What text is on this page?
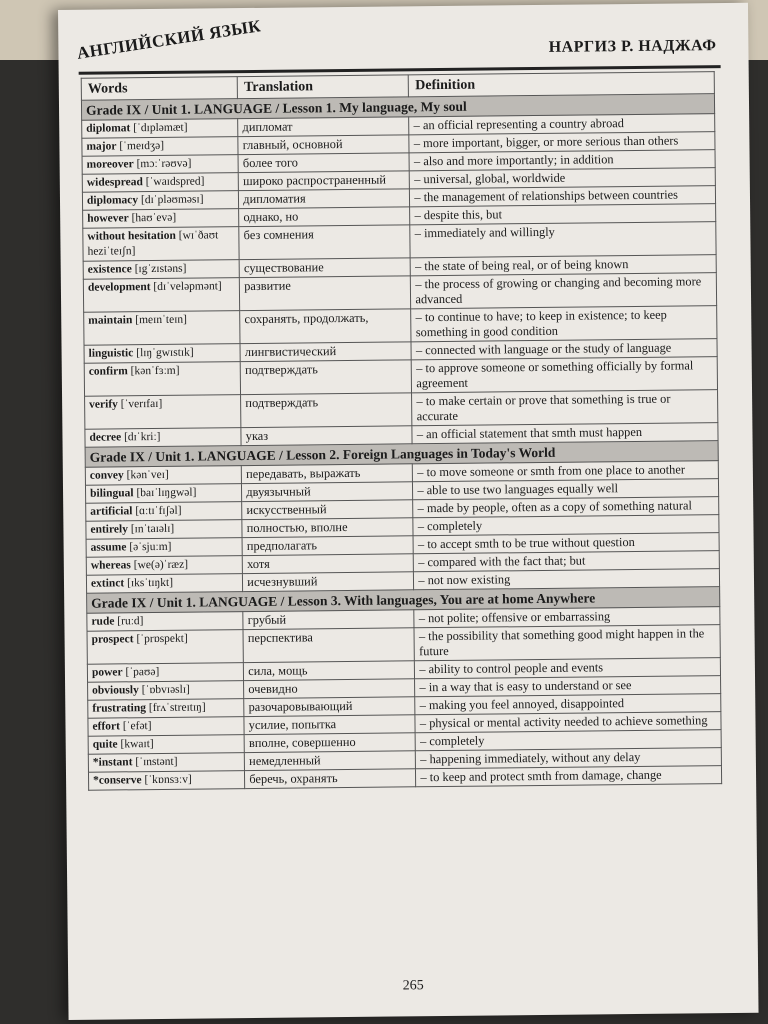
АНГЛИЙСКИЙ ЯЗЫК	НАРГИЗ Р. НАДЖАФ
Words	Translation	Definition
Grade IX / Unit 1. LANGUAGE / Lesson 1. My language, My soul		
diplomat [ˈdɪpləmæt]	дипломат	– an official representing a country abroad
major [ˈmeɪdʒə]	главный, основной	– more important, bigger, or more serious than others
moreover [mɔːˈrəʊvə]	более того	– also and more importantly; in addition
widespread [ˈwaɪdspred]	широко распространенный	– universal, global, worldwide
diplomacy [dɪˈpləʊməsɪ]	дипломатия	– the management of relationships between countries
however [haʊˈevə]	однако, но	– despite this, but
without hesitation [wɪˈðaʊt heziˈteɪʃn]	без сомнения	– immediately and willingly
existence [ɪgˈzɪstəns]	существование	– the state of being real, or of being known
development [dɪˈveləpmənt]	развитие	– the process of growing or changing and becoming more advanced
maintain [meɪnˈteɪn]	сохранять, продолжать,	– to continue to have; to keep in existence; to keep something in good condition
linguistic [lɪŋˈgwɪstɪk]	лингвистический	– connected with language or the study of language
confirm [kənˈfɜːm]	подтверждать	– to approve someone or something officially by formal agreement
verify [ˈverɪfaɪ]	подтверждать	– to make certain or prove that something is true or accurate
decree [dɪˈkriː]	указ	– an official statement that smth must happen
Grade IX / Unit 1. LANGUAGE / Lesson 2. Foreign Languages in Today's World		
convey [kənˈveɪ]	передавать, выражать	– to move someone or smth from one place to another
bilingual [baɪˈlɪŋgwəl]	двуязычный	– able to use two languages equally well
artificial [ɑːtɪˈfɪʃəl]	искусственный	– made by people, often as a copy of something natural
entirely [ɪnˈtaɪəlɪ]	полностью, вполне	– completely
assume [əˈsjuːm]	предполагать	– to accept smth to be true without question
whereas [we(ə)ˈræz]	хотя	– compared with the fact that; but
extinct [ɪksˈtɪŋkt]	исчезнувший	– not now existing
Grade IX / Unit 1. LANGUAGE / Lesson 3. With languages, You are at home Anywhere		
rude [ruːd]	грубый	– not polite; offensive or embarrassing
prospect [ˈprɒspekt]	перспектива	– the possibility that something good might happen in the future
power [ˈpaʊə]	сила, мощь	– ability to control people and events
obviously [ˈɒbvɪəslɪ]	очевидно	– in a way that is easy to understand or see
frustrating [frʌˈstreɪtɪŋ]	разочаровывающий	– making you feel annoyed, disappointed
effort [ˈefət]	усилие, попытка	– physical or mental activity needed to achieve something
quite [kwaɪt]	вполне, совершенно	– completely
*instant [ˈɪnstənt]	немедленный	– happening immediately, without any delay
*conserve [ˈkɒnsɜːv]	беречь, охранять	– to keep and protect smth from damage, change
265
